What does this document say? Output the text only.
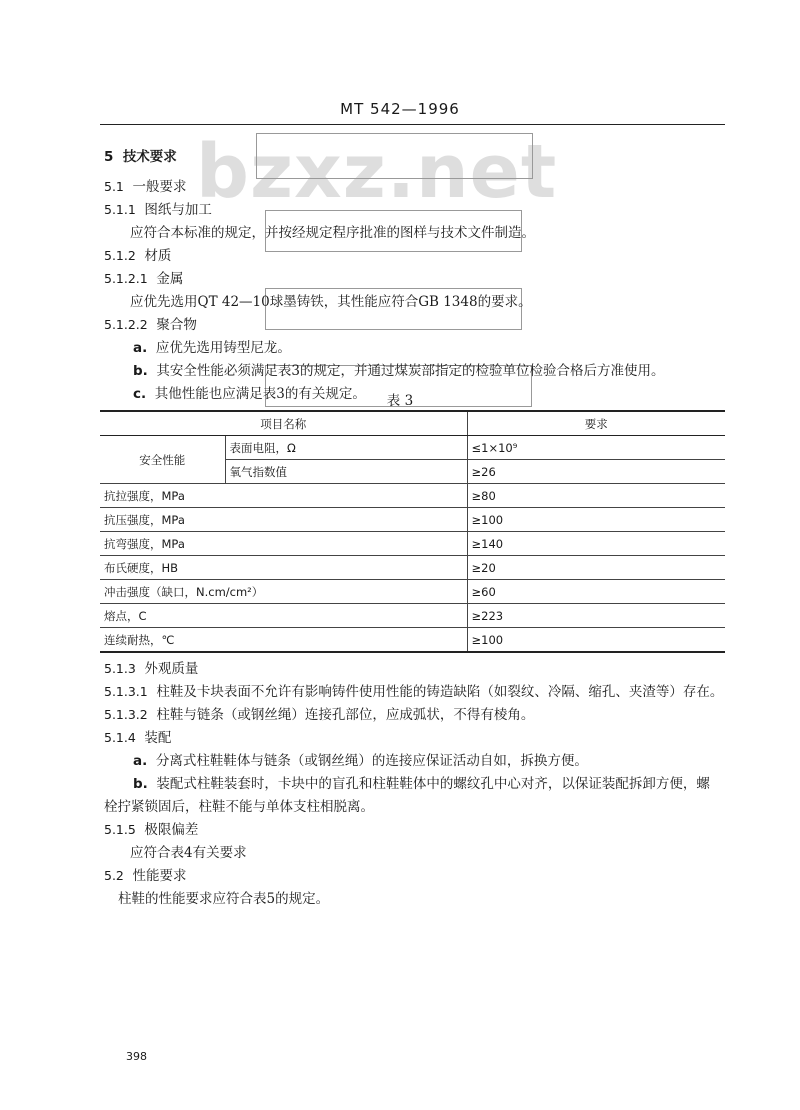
MT 542—1996
bzxz.net
5 技术要求
5.1 一般要求
5.1.1 图纸与加工
应符合本标准的规定，并按经规定程序批准的图样与技术文件制造。
5.1.2 材质
5.1.2.1 金属
应优先选用QT 42—10球墨铸铁，其性能应符合GB 1348的要求。
5.1.2.2 聚合物
a. 应优先选用铸型尼龙。
b. 其安全性能必须满足表3的规定，并通过煤炭部指定的检验单位检验合格后方准使用。
c. 其他性能也应满足表3的有关规定。	表 3
项目名称		要求
安全性能	表面电阻，Ω	≤1×10⁹
	氧气指数值	≥26
抗拉强度，MPa		≥80
抗压强度，MPa		≥100
抗弯强度，MPa		≥140
布氏硬度，HB		≥20
冲击强度（缺口，N.cm/cm²）		≥60
熔点，C		≥223
连续耐热，℃		≥100
5.1.3 外观质量
5.1.3.1 柱鞋及卡块表面不允许有影响铸件使用性能的铸造缺陷（如裂纹、冷隔、缩孔、夹渣等）存在。
5.1.3.2 柱鞋与链条（或钢丝绳）连接孔部位，应成弧状，不得有棱角。
5.1.4 装配
a. 分离式柱鞋鞋体与链条（或钢丝绳）的连接应保证活动自如，拆换方便。
b. 装配式柱鞋装套时，卡块中的盲孔和柱鞋鞋体中的螺纹孔中心对齐，以保证装配拆卸方便，螺
栓拧紧锁固后，柱鞋不能与单体支柱相脱离。
5.1.5 极限偏差
应符合表4有关要求
5.2 性能要求
柱鞋的性能要求应符合表5的规定。
398
